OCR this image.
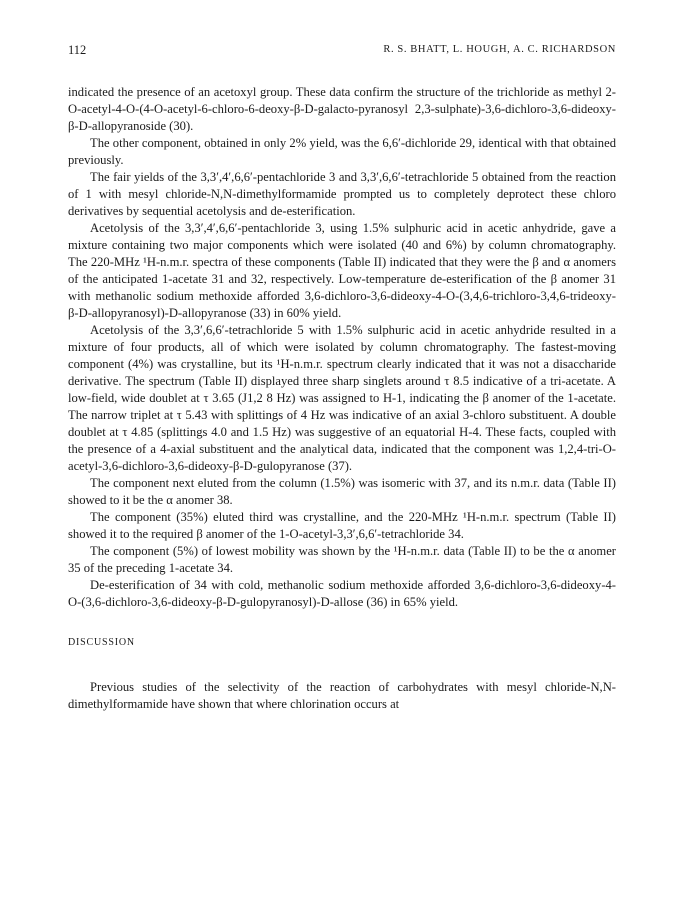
112	R. S. BHATT, L. HOUGH, A. C. RICHARDSON

indicated the presence of an acetoxyl group. These data confirm the structure of the trichloride as methyl 2-O-acetyl-4-O-(4-O-acetyl-6-chloro-6-deoxy-β-D-galacto-pyranosyl 2,3-sulphate)-3,6-dichloro-3,6-dideoxy-β-D-allopyranoside (30).

The other component, obtained in only 2% yield, was the 6,6′-dichloride 29, identical with that obtained previously.

The fair yields of the 3,3′,4′,6,6′-pentachloride 3 and 3,3′,6,6′-tetrachloride 5 obtained from the reaction of 1 with mesyl chloride-N,N-dimethylformamide prompted us to completely deprotect these chloro derivatives by sequential acetolysis and de-esterification.

Acetolysis of the 3,3′,4′,6,6′-pentachloride 3, using 1.5% sulphuric acid in acetic anhydride, gave a mixture containing two major components which were isolated (40 and 6%) by column chromatography. The 220-MHz ¹H-n.m.r. spectra of these components (Table II) indicated that they were the β and α anomers of the anticipated 1-acetate 31 and 32, respectively. Low-temperature de-esterification of the β anomer 31 with methanolic sodium methoxide afforded 3,6-dichloro-3,6-dideoxy-4-O-(3,4,6-trichloro-3,4,6-trideoxy-β-D-allopyranosyl)-D-allopyranose (33) in 60% yield.

Acetolysis of the 3,3′,6,6′-tetrachloride 5 with 1.5% sulphuric acid in acetic anhydride resulted in a mixture of four products, all of which were isolated by column chromatography. The fastest-moving component (4%) was crystalline, but its ¹H-n.m.r. spectrum clearly indicated that it was not a disaccharide derivative. The spectrum (Table II) displayed three sharp singlets around τ 8.5 indicative of a tri-acetate. A low-field, wide doublet at τ 3.65 (J1,2 8 Hz) was assigned to H-1, indicating the β anomer of the 1-acetate. The narrow triplet at τ 5.43 with splittings of 4 Hz was indicative of an axial 3-chloro substituent. A double doublet at τ 4.85 (splittings 4.0 and 1.5 Hz) was suggestive of an equatorial H-4. These facts, coupled with the presence of a 4-axial substituent and the analytical data, indicated that the component was 1,2,4-tri-O-acetyl-3,6-dichloro-3,6-dideoxy-β-D-gulopyranose (37).

The component next eluted from the column (1.5%) was isomeric with 37, and its n.m.r. data (Table II) showed to it be the α anomer 38.

The component (35%) eluted third was crystalline, and the 220-MHz ¹H-n.m.r. spectrum (Table II) showed it to the required β anomer of the 1-O-acetyl-3,3′,6,6′-tetrachloride 34.

The component (5%) of lowest mobility was shown by the ¹H-n.m.r. data (Table II) to be the α anomer 35 of the preceding 1-acetate 34.

De-esterification of 34 with cold, methanolic sodium methoxide afforded 3,6-dichloro-3,6-dideoxy-4-O-(3,6-dichloro-3,6-dideoxy-β-D-gulopyranosyl)-D-allose (36) in 65% yield.

DISCUSSION

Previous studies of the selectivity of the reaction of carbohydrates with mesyl chloride-N,N-dimethylformamide have shown that where chlorination occurs at
